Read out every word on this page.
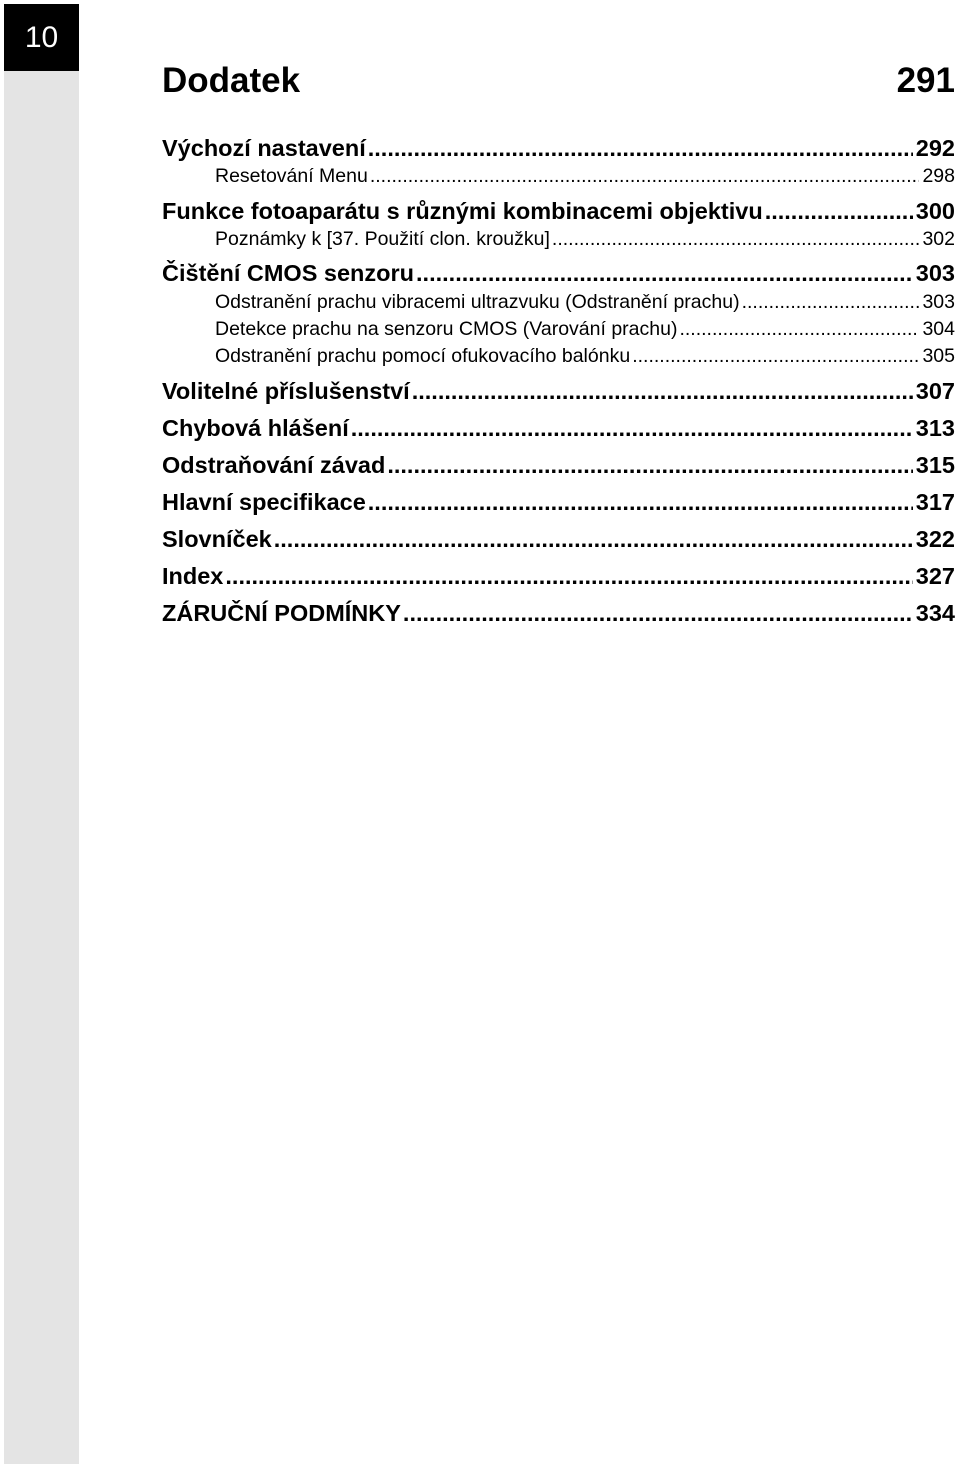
10
Dodatek	291
Výchozí nastavení .....	292
Resetování Menu .....	298
Funkce fotoaparátu s různými kombinacemi objektivu .....	300
Poznámky k [37. Použití clon. kroužku] .....	302
Čištění CMOS senzoru .....	303
Odstranění prachu vibracemi ultrazvuku (Odstranění prachu) .....	303
Detekce prachu na senzoru CMOS (Varování prachu) .....	304
Odstranění prachu pomocí ofukovacího balónku .....	305
Volitelné příslušenství .....	307
Chybová hlášení .....	313
Odstraňování závad .....	315
Hlavní specifikace .....	317
Slovníček .....	322
Index .....	327
ZÁRUČNÍ PODMÍNKY .....	334
